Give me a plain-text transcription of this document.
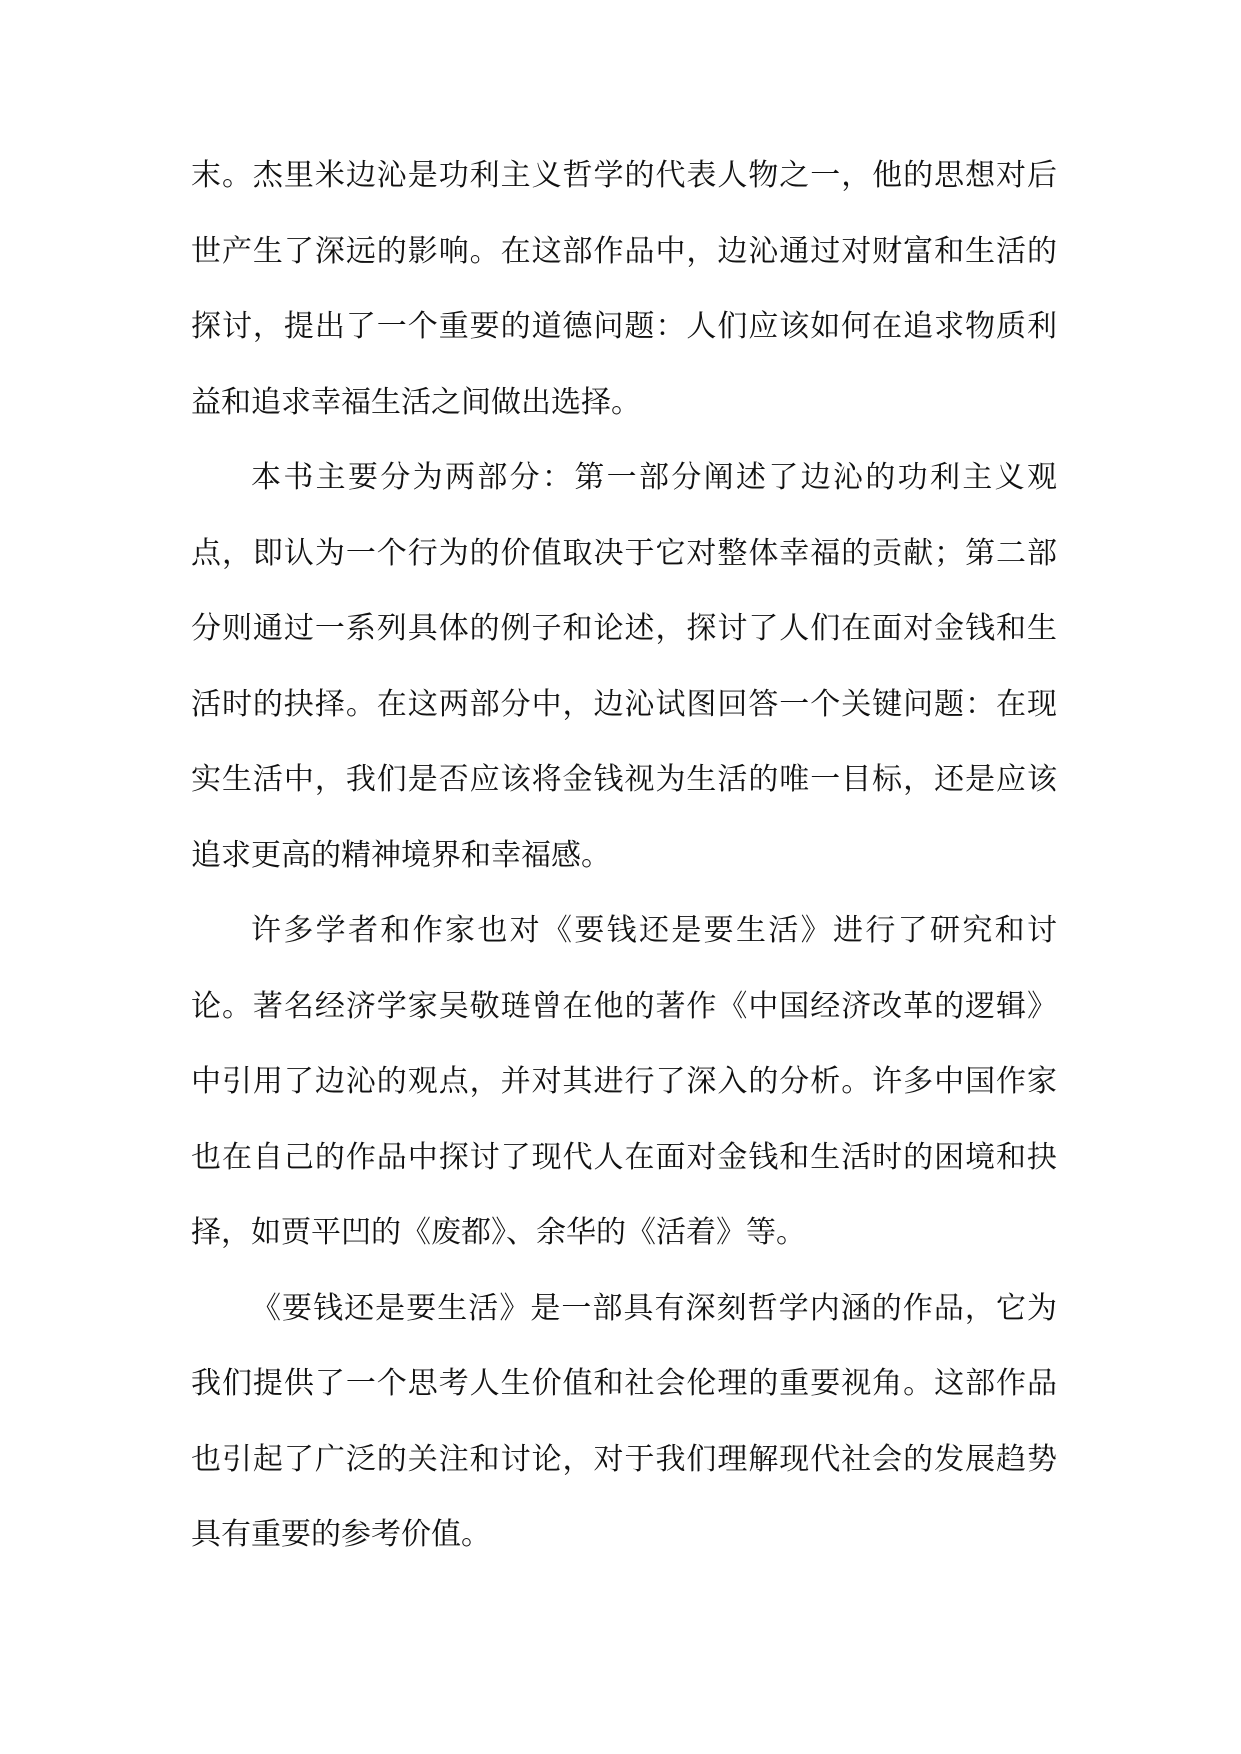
末。杰里米边沁是功利主义哲学的代表人物之一，他的思想对后世产生了深远的影响。在这部作品中，边沁通过对财富和生活的探讨，提出了一个重要的道德问题：人们应该如何在追求物质利益和追求幸福生活之间做出选择。

本书主要分为两部分：第一部分阐述了边沁的功利主义观点，即认为一个行为的价值取决于它对整体幸福的贡献；第二部分则通过一系列具体的例子和论述，探讨了人们在面对金钱和生活时的抉择。在这两部分中，边沁试图回答一个关键问题：在现实生活中，我们是否应该将金钱视为生活的唯一目标，还是应该追求更高的精神境界和幸福感。

许多学者和作家也对《要钱还是要生活》进行了研究和讨论。著名经济学家吴敬琏曾在他的著作《中国经济改革的逻辑》中引用了边沁的观点，并对其进行了深入的分析。许多中国作家也在自己的作品中探讨了现代人在面对金钱和生活时的困境和抉择，如贾平凹的《废都》、余华的《活着》等。

《要钱还是要生活》是一部具有深刻哲学内涵的作品，它为我们提供了一个思考人生价值和社会伦理的重要视角。这部作品也引起了广泛的关注和讨论，对于我们理解现代社会的发展趋势具有重要的参考价值。
